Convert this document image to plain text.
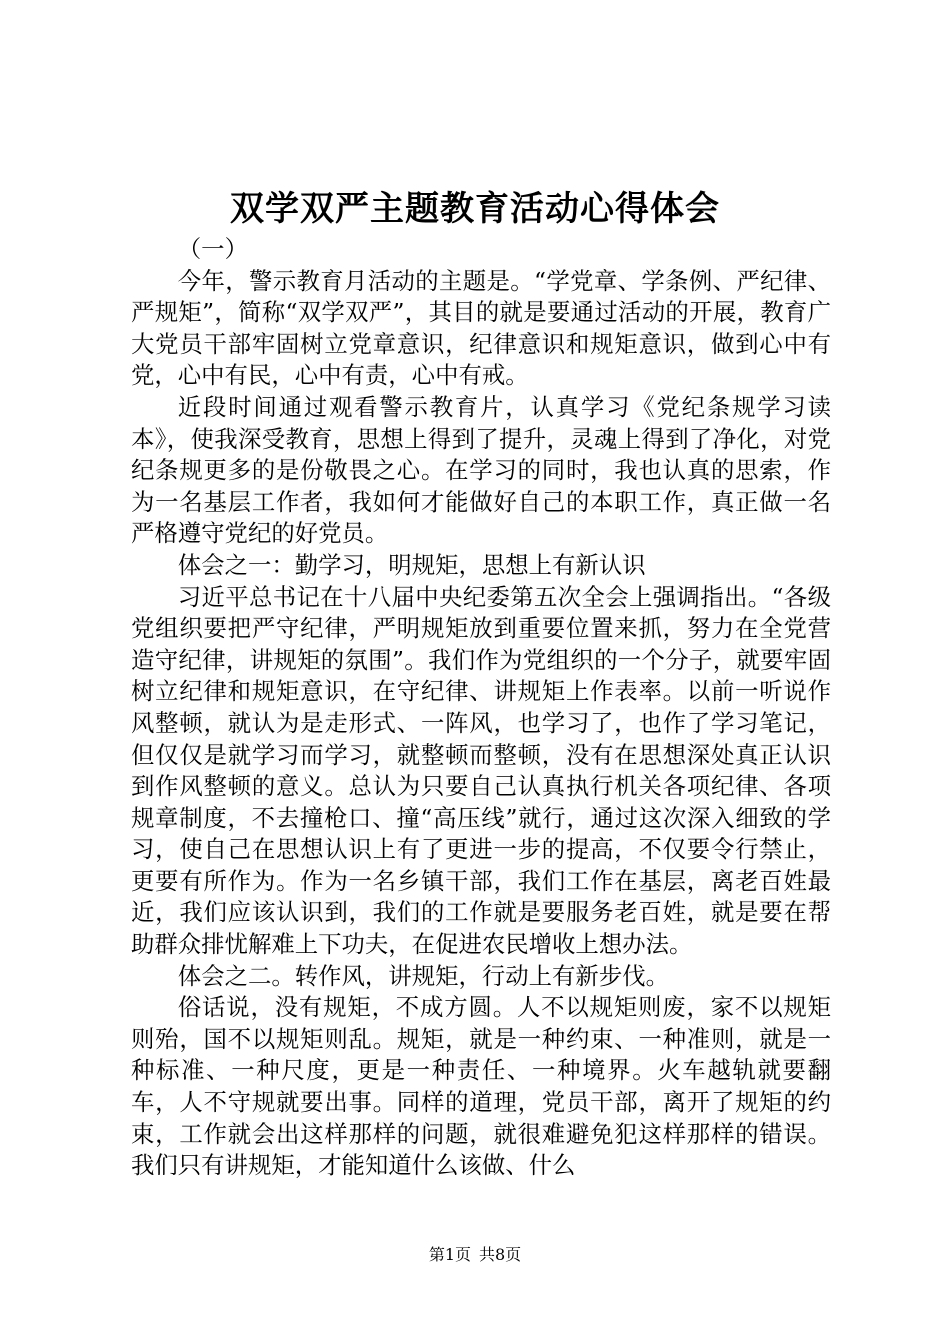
双学双严主题教育活动心得体会

（一）

今年，警示教育月活动的主题是。“学党章、学条例、严纪律、严规矩”，简称“双学双严”，其目的就是要通过活动的开展，教育广大党员干部牢固树立党章意识，纪律意识和规矩意识，做到心中有党，心中有民，心中有责，心中有戒。

近段时间通过观看警示教育片，认真学习《党纪条规学习读本》，使我深受教育，思想上得到了提升，灵魂上得到了净化，对党纪条规更多的是份敬畏之心。在学习的同时，我也认真的思索，作为一名基层工作者，我如何才能做好自己的本职工作，真正做一名严格遵守党纪的好党员。

体会之一：勤学习，明规矩，思想上有新认识

习近平总书记在十八届中央纪委第五次全会上强调指出。“各级党组织要把严守纪律，严明规矩放到重要位置来抓，努力在全党营造守纪律，讲规矩的氛围”。我们作为党组织的一个分子，就要牢固树立纪律和规矩意识，在守纪律、讲规矩上作表率。以前一听说作风整顿，就认为是走形式、一阵风，也学习了，也作了学习笔记，但仅仅是就学习而学习，就整顿而整顿，没有在思想深处真正认识到作风整顿的意义。总认为只要自己认真执行机关各项纪律、各项规章制度，不去撞枪口、撞“高压线”就行，通过这次深入细致的学习，使自己在思想认识上有了更进一步的提高，不仅要令行禁止，更要有所作为。作为一名乡镇干部，我们工作在基层，离老百姓最近，我们应该认识到，我们的工作就是要服务老百姓，就是要在帮助群众排忧解难上下功夫，在促进农民增收上想办法。

体会之二。转作风，讲规矩，行动上有新步伐。

俗话说，没有规矩，不成方圆。人不以规矩则废，家不以规矩则殆，国不以规矩则乱。规矩，就是一种约束、一种准则，就是一种标准、一种尺度，更是一种责任、一种境界。火车越轨就要翻车，人不守规就要出事。同样的道理，党员干部，离开了规矩的约束，工作就会出这样那样的问题，就很难避免犯这样那样的错误。我们只有讲规矩，才能知道什么该做、什么

第1页 共8页
